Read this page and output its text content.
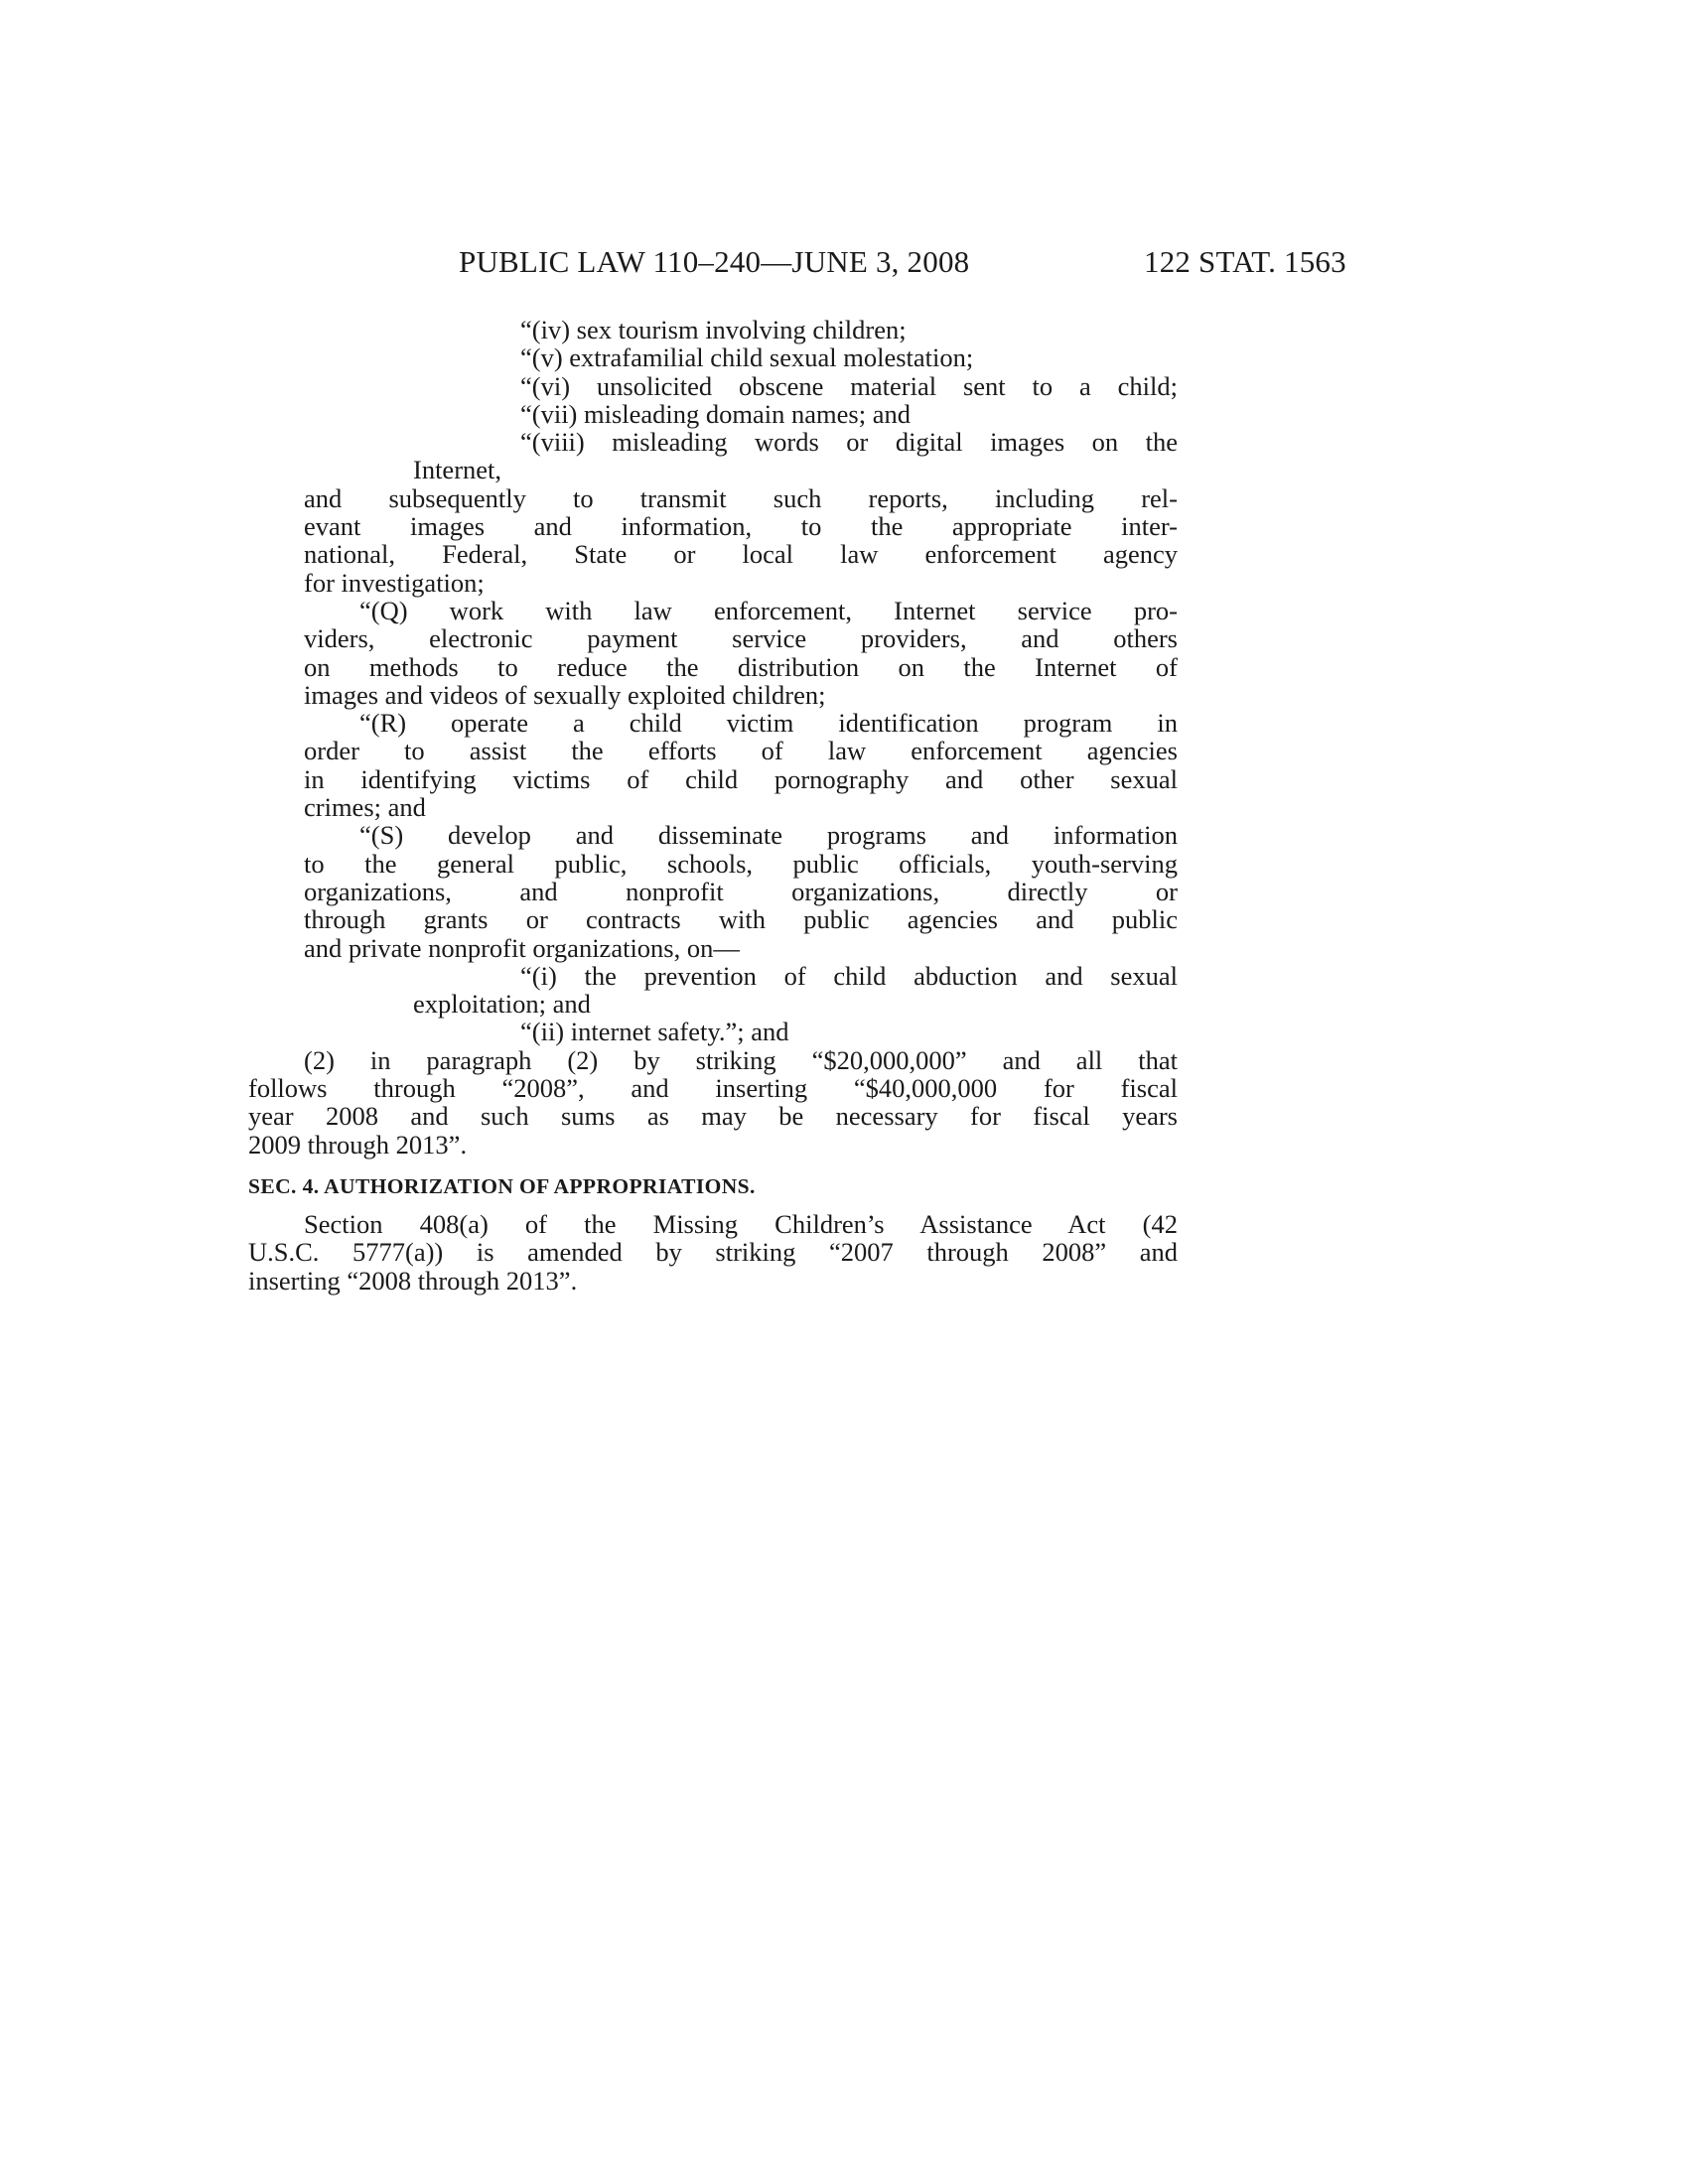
PUBLIC LAW 110–240—JUNE 3, 2008	122 STAT. 1563
“(iv) sex tourism involving children;
“(v) extrafamilial child sexual molestation;
“(vi) unsolicited obscene material sent to a child;
“(vii) misleading domain names; and
“(viii) misleading words or digital images on the
Internet,
and subsequently to transmit such reports, including rel-
evant images and information, to the appropriate inter-
national, Federal, State or local law enforcement agency
for investigation;
“(Q) work with law enforcement, Internet service pro-
viders, electronic payment service providers, and others
on methods to reduce the distribution on the Internet of
images and videos of sexually exploited children;
“(R) operate a child victim identification program in
order to assist the efforts of law enforcement agencies
in identifying victims of child pornography and other sexual
crimes; and
“(S) develop and disseminate programs and information
to the general public, schools, public officials, youth-serving
organizations, and nonprofit organizations, directly or
through grants or contracts with public agencies and public
and private nonprofit organizations, on—
“(i) the prevention of child abduction and sexual
exploitation; and
“(ii) internet safety.”; and
(2) in paragraph (2) by striking “$20,000,000” and all that
follows through “2008”, and inserting “$40,000,000 for fiscal
year 2008 and such sums as may be necessary for fiscal years
2009 through 2013”.
SEC. 4. AUTHORIZATION OF APPROPRIATIONS.
Section 408(a) of the Missing Children’s Assistance Act (42
U.S.C. 5777(a)) is amended by striking “2007 through 2008” and
inserting “2008 through 2013”.
